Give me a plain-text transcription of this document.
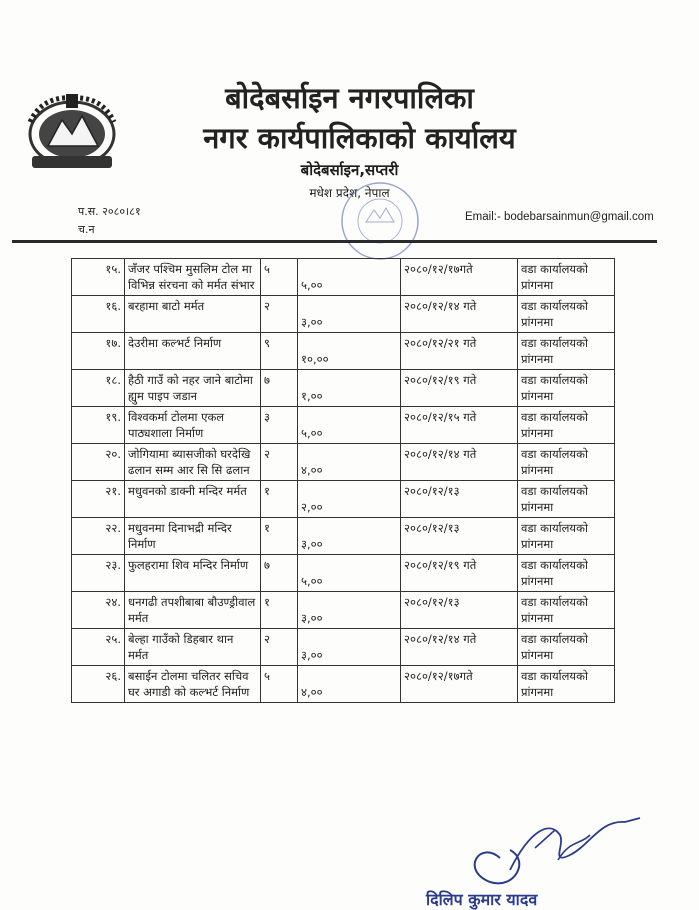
बोदेबर्साइन नगरपालिका
नगर कार्यपालिकाको कार्यालय
बोदेबर्साइन,सप्तरी
मधेश प्रदेश, नेपाल
प.स. २०८०।८१
च.न
Email:- bodebarsainmun@gmail.com
१५.	जँजर पश्चिम मुसलिम टोल मा विभिन्न संरचना को मर्मत संभार	५	५,००	२०८०/१२/१७गते	वडा कार्यालयको प्रांगनमा
१६.	बरहामा बाटो मर्मत	२	३,००	२०८०/१२/१४ गते	वडा कार्यालयको प्रांगनमा
१७.	देउरीमा कल्भर्ट निर्माण	९	१०,००	२०८०/१२/२१ गते	वडा कार्यालयको प्रांगनमा
१८.	हैठी गाउँ को नहर जाने बाटोमा ह्युम पाइप जडान	७	१,००	२०८०/१२/१९ गते	वडा कार्यालयको प्रांगनमा
१९.	विश्वकर्मा टोलमा एकल पाठ्यशाला निर्माण	३	५,००	२०८०/१२/१५ गते	वडा कार्यालयको प्रांगनमा
२०.	जोगियामा ब्यासजीको घरदेखि ढलान सम्म आर सि सि ढलान	२	४,००	२०८०/१२/१४ गते	वडा कार्यालयको प्रांगनमा
२१.	मधुवनको डाक्नी मन्दिर मर्मत	१	२,००	२०८०/१२/१३	वडा कार्यालयको प्रांगनमा
२२.	मधुवनमा दिनाभद्री मन्दिर निर्माण	१	३,००	२०८०/१२/१३	वडा कार्यालयको प्रांगनमा
२३.	फुलहरामा शिव मन्दिर निर्माण	७	५,००	२०८०/१२/१९ गते	वडा कार्यालयको प्रांगनमा
२४.	धनगढी तपशीबाबा बौउण्ड्रीवाल मर्मत	१	३,००	२०८०/१२/१३	वडा कार्यालयको प्रांगनमा
२५.	बेल्हा गाउँको डिहबार थान मर्मत	२	३,००	२०८०/१२/१४ गते	वडा कार्यालयको प्रांगनमा
२६.	बसाईन टोलमा चलितर सचिव घर अगाडी को कल्भर्ट निर्माण	५	४,००	२०८०/१२/१७गते	वडा कार्यालयको प्रांगनमा
दिलिप कुमार यादव
